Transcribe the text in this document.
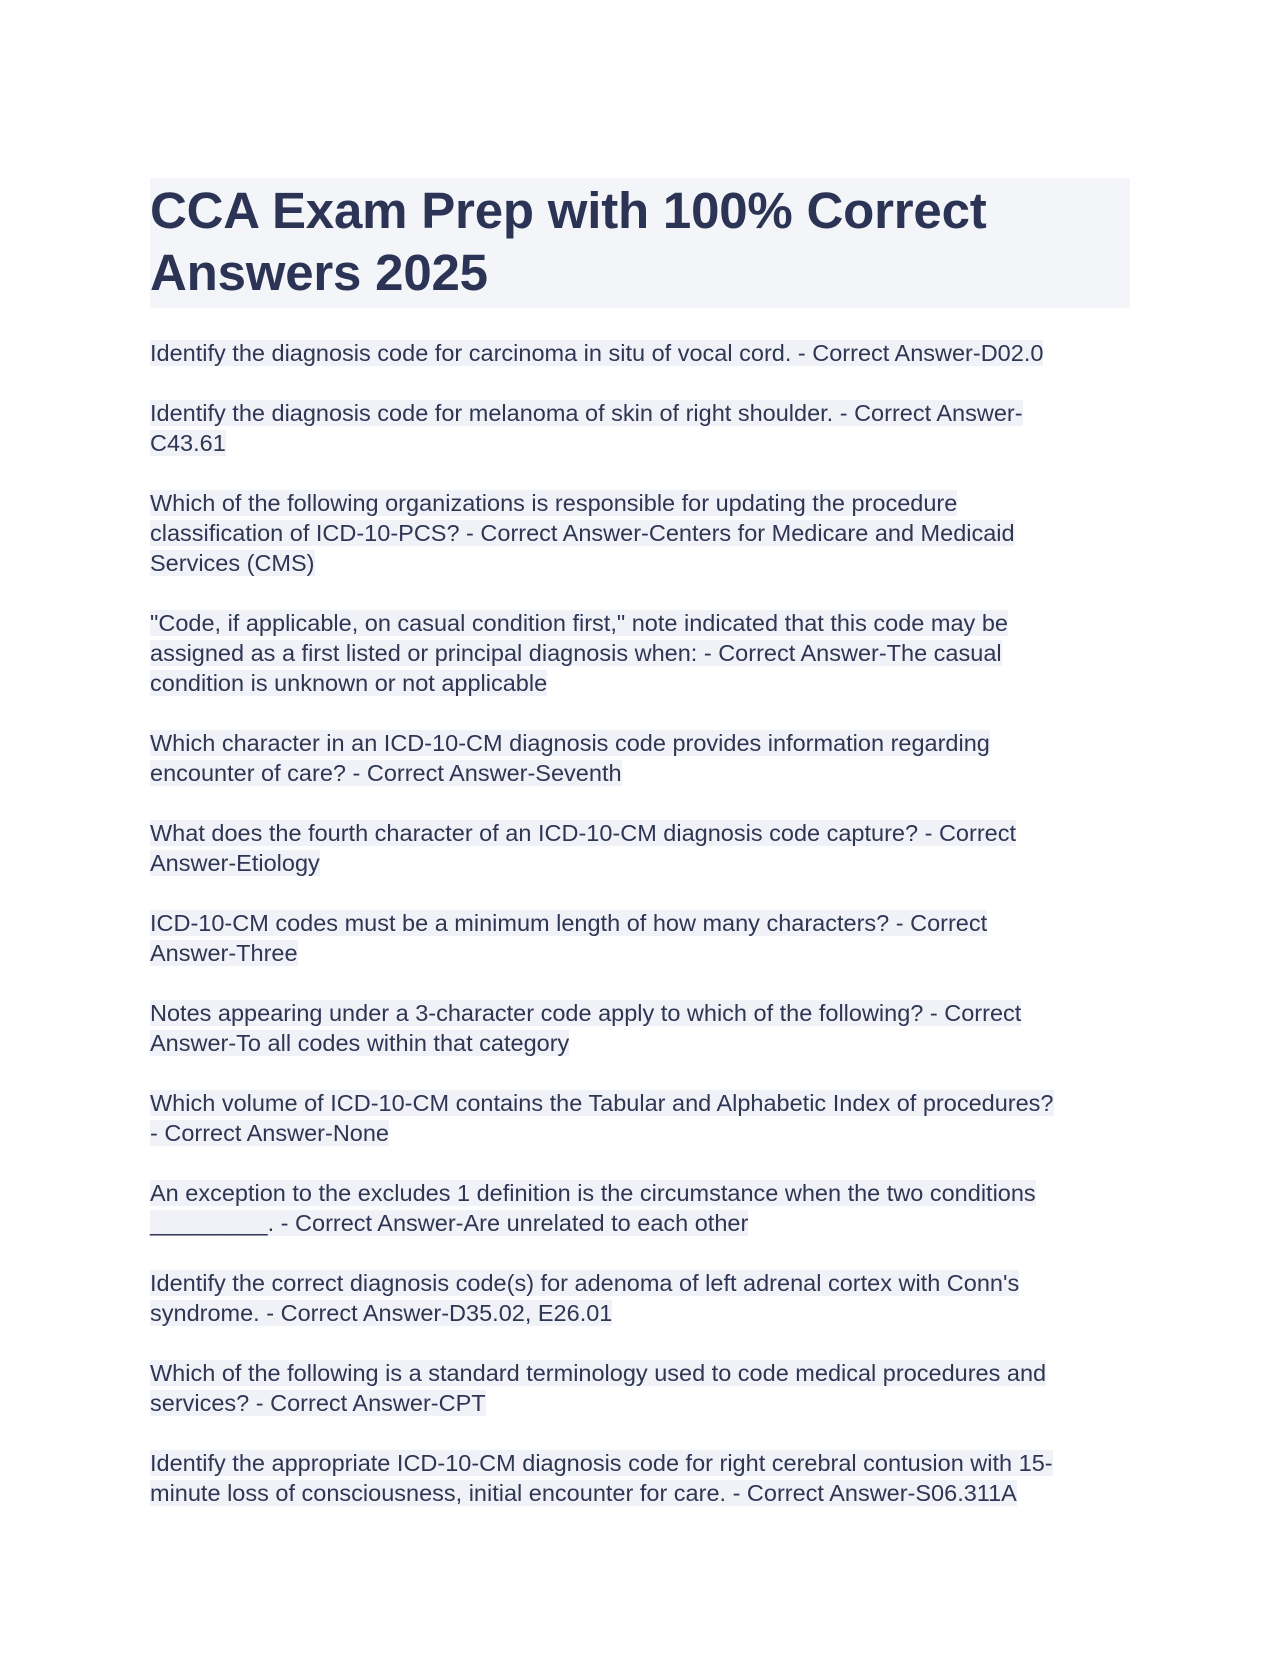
CCA Exam Prep with 100% Correct
Answers 2025
Identify the diagnosis code for carcinoma in situ of vocal cord. - Correct Answer-D02.0
Identify the diagnosis code for melanoma of skin of right shoulder. - Correct Answer-
C43.61
Which of the following organizations is responsible for updating the procedure
classification of ICD-10-PCS? - Correct Answer-Centers for Medicare and Medicaid
Services (CMS)
"Code, if applicable, on casual condition first," note indicated that this code may be
assigned as a first listed or principal diagnosis when: - Correct Answer-The casual
condition is unknown or not applicable
Which character in an ICD-10-CM diagnosis code provides information regarding
encounter of care? - Correct Answer-Seventh
What does the fourth character of an ICD-10-CM diagnosis code capture? - Correct
Answer-Etiology
ICD-10-CM codes must be a minimum length of how many characters? - Correct
Answer-Three
Notes appearing under a 3-character code apply to which of the following? - Correct
Answer-To all codes within that category
Which volume of ICD-10-CM contains the Tabular and Alphabetic Index of procedures?
- Correct Answer-None
An exception to the excludes 1 definition is the circumstance when the two conditions
_________. - Correct Answer-Are unrelated to each other
Identify the correct diagnosis code(s) for adenoma of left adrenal cortex with Conn's
syndrome. - Correct Answer-D35.02, E26.01
Which of the following is a standard terminology used to code medical procedures and
services? - Correct Answer-CPT
Identify the appropriate ICD-10-CM diagnosis code for right cerebral contusion with 15-
minute loss of consciousness, initial encounter for care. - Correct Answer-S06.311A
